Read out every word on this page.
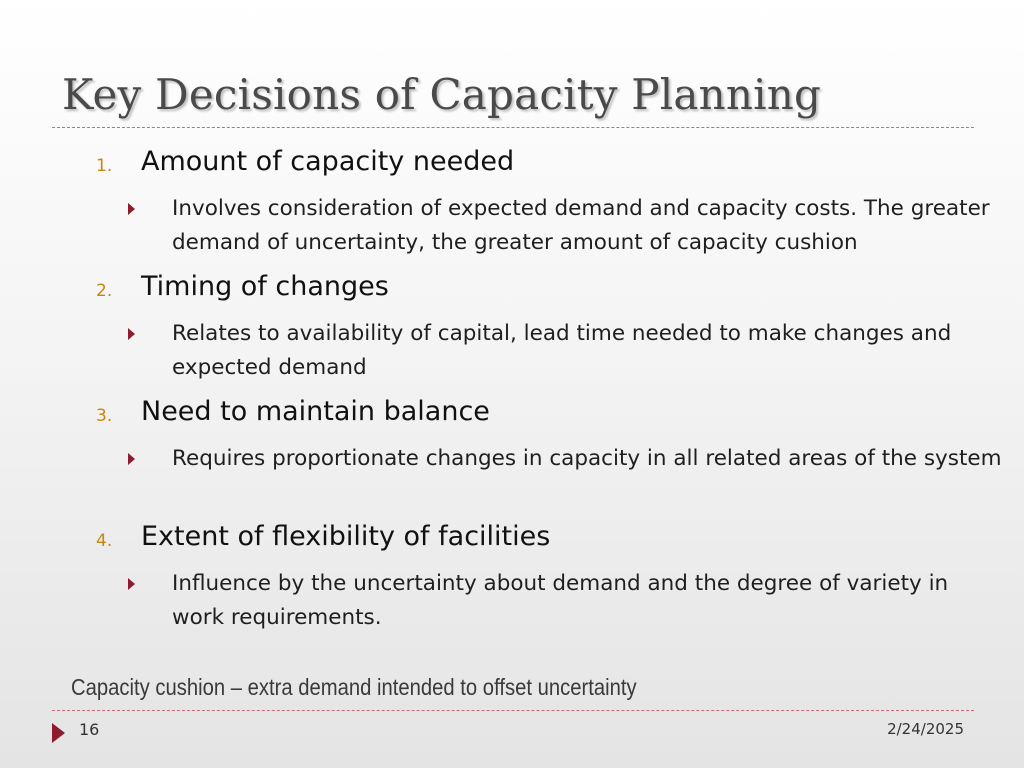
Key Decisions of Capacity Planning
1. Amount of capacity needed
Involves consideration of expected demand and capacity costs. The greater demand of uncertainty, the greater amount of capacity cushion
2. Timing of changes
Relates to availability of capital, lead time needed to make changes and expected demand
3. Need to maintain balance
Requires proportionate changes in capacity in all related areas of the system
4. Extent of flexibility of facilities
Influence by the uncertainty about demand and the degree of variety in work requirements.
Capacity cushion – extra demand intended to offset uncertainty
16	2/24/2025
